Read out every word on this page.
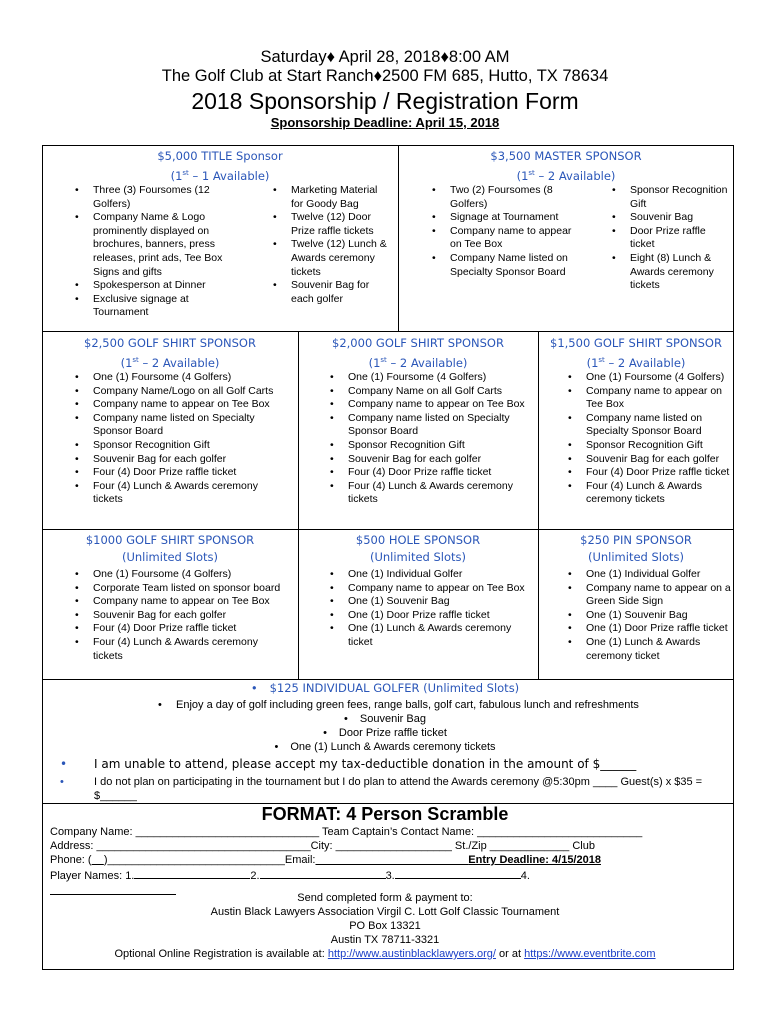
Saturday♦ April 28, 2018♦8:00 AM
The Golf Club at Start Ranch♦2500 FM 685, Hutto, TX 78634
2018 Sponsorship / Registration Form
Sponsorship Deadline: April 15, 2018
$5,000 TITLE Sponsor
(1st – 1 Available)
• Three (3) Foursomes (12 Golfers)
• Company Name & Logo prominently displayed on brochures, banners, press releases, print ads, Tee Box Signs and gifts
• Spokesperson at Dinner
• Exclusive signage at Tournament
• Marketing Material for Goody Bag
• Twelve (12) Door Prize raffle tickets
• Twelve (12) Lunch & Awards ceremony tickets
• Souvenir Bag for each golfer
$3,500 MASTER SPONSOR
(1st – 2 Available)
• Two (2) Foursomes (8 Golfers)
• Signage at Tournament
• Company name to appear on Tee Box
• Company Name listed on Specialty Sponsor Board
• Sponsor Recognition Gift
• Souvenir Bag
• Door Prize raffle ticket
• Eight (8) Lunch & Awards ceremony tickets
$2,500 GOLF SHIRT SPONSOR
(1st – 2 Available)
• One (1) Foursome (4 Golfers)
• Company Name/Logo on all Golf Carts
• Company name to appear on Tee Box
• Company name listed on Specialty Sponsor Board
• Sponsor Recognition Gift
• Souvenir Bag for each golfer
• Four (4) Door Prize raffle ticket
• Four (4) Lunch & Awards ceremony tickets
$2,000 GOLF SHIRT SPONSOR
(1st – 2 Available)
• One (1) Foursome (4 Golfers)
• Company Name on all Golf Carts
• Company name to appear on Tee Box
• Company name listed on Specialty Sponsor Board
• Sponsor Recognition Gift
• Souvenir Bag for each golfer
• Four (4) Door Prize raffle ticket
• Four (4) Lunch & Awards ceremony tickets
$1,500 GOLF SHIRT SPONSOR
(1st – 2 Available)
• One (1) Foursome (4 Golfers)
• Company name to appear on Tee Box
• Company name listed on Specialty Sponsor Board
• Sponsor Recognition Gift
• Souvenir Bag for each golfer
• Four (4) Door Prize raffle ticket
• Four (4) Lunch & Awards ceremony tickets
$1000 GOLF SHIRT SPONSOR
(Unlimited Slots)
• One (1) Foursome (4 Golfers)
• Corporate Team listed on sponsor board
• Company name to appear on Tee Box
• Souvenir Bag for each golfer
• Four (4) Door Prize raffle ticket
• Four (4) Lunch & Awards ceremony tickets
$500 HOLE SPONSOR
(Unlimited Slots)
• One (1) Individual Golfer
• Company name to appear on Tee Box
• One (1) Souvenir Bag
• One (1) Door Prize raffle ticket
• One (1) Lunch & Awards ceremony ticket
$250 PIN SPONSOR
(Unlimited Slots)
• One (1) Individual Golfer
• Company name to appear on a Green Side Sign
• One (1) Souvenir Bag
• One (1) Door Prize raffle ticket
• One (1) Lunch & Awards ceremony ticket
• $125 INDIVIDUAL GOLFER (Unlimited Slots)
• Enjoy a day of golf including green fees, range balls, golf cart, fabulous lunch and refreshments
• Souvenir Bag
• Door Prize raffle ticket
• One (1) Lunch & Awards ceremony tickets
• I am unable to attend, please accept my tax-deductible donation in the amount of $______
•	I do not plan on participating in the tournament but I do plan to attend the Awards ceremony @5:30pm ____ Guest(s) x $35 =
$______
FORMAT: 4 Person Scramble
Company Name: ______________________________ Team Captain’s Contact Name: ___________________________
Address: ___________________________________City: ___________________ St./Zip _____________ Club
Phone: ( )_____________________________Email:	Entry Deadline: 4/15/2018
Player Names: 1.	2.	3.	4.
Send completed form & payment to:
Austin Black Lawyers Association Virgil C. Lott Golf Classic Tournament
PO Box 13321
Austin TX 78711-3321
Optional Online Registration is available at: http://www.austinblacklawyers.org/ or at https://www.eventbrite.com
